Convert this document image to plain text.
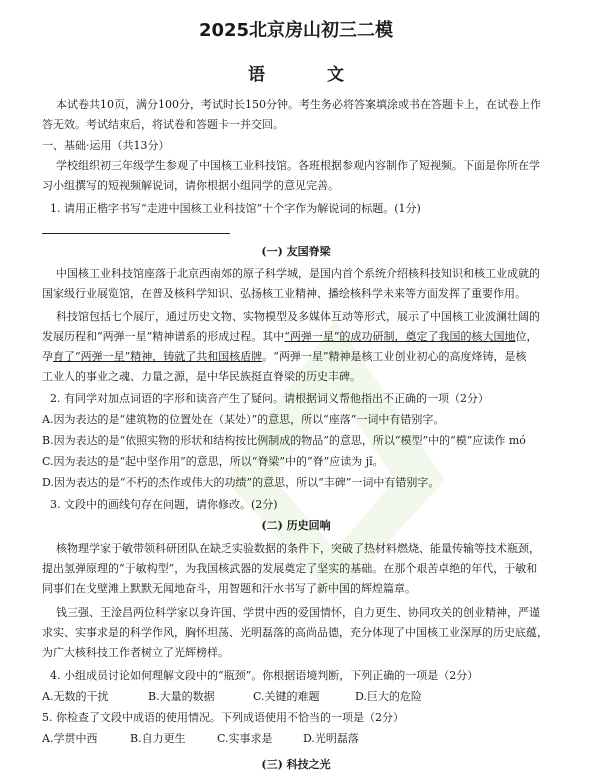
2025北京房山初三二模
语 文
本试卷共10页，满分100分，考试时长150分钟。考生务必将答案填涂或书在答题卡上，在试卷上作
答无效。考试结束后，将试卷和答题卡一并交回。
一、基础·运用（共13分）
学校组织初三年级学生参观了中国核工业科技馆。各班根据参观内容制作了短视频。下面是你所在学
习小组撰写的短视频解说词，请你根据小组同学的意见完善。
1. 请用正楷字书写“走进中国核工业科技馆”十个字作为解说词的标题。(1分)
(一) 友国脊梁
中国核工业科技馆座落于北京西南郊的原子科学城，是国内首个系统介绍核科技知识和核工业成就的
国家级行业展览馆，在普及核科学知识、弘扬核工业精神、播绘核科学未来等方面发挥了重要作用。
科技馆包括七个展厅，通过历史文物、实物模型及多媒体互动等形式，展示了中国核工业波澜壮阔的
发展历程和“两弹一星”精神谱系的形成过程。其中“两弹一星”的成功研制，奠定了我国的核大国地位，
孕育了“两弹一星”精神，铸就了共和国核盾牌。“两弹一星”精神是核工业创业初心的高度烽铸，是核
工业人的事业之魂、力量之源，是中华民族挺直脊梁的历史丰碑。
2. 有同学对加点词语的字形和读音产生了疑问。请根据词义帮他指出不正确的一项（2分）
A.因为表达的是“建筑物的位置处在（某处）”的意思，所以“座落”一词中有错别字。
B.因为表达的是“依照实物的形状和结构按比例制成的物品”的意思，所以“模型”中的“模”应读作 mó
C.因为表达的是“起中坚作用”的意思，所以“脊梁”中的“脊”应读为 jǐ。
D.因为表达的是“不朽的杰作或伟大的功绩”的意思，所以“丰碑”一词中有错别字。
3. 文段中的画线句存在问题，请你修改。(2分)
(二) 历史回响
核物理学家于敏带领科研团队在缺乏实验数据的条件下，突破了热材料燃烧、能量传输等技术瓶颈，
提出氢弹原理的“于敏构型”，为我国核武器的发展奠定了坚实的基础。在那个艰苦卓绝的年代，于敏和
同事们在戈壁滩上默默无闻地奋斗，用智题和汗水书写了新中国的辉煌篇章。
钱三强、王淦昌两位科学家以身许国、学贯中西的爱国情怀，自力更生、协同攻关的创业精神，严谨
求实、实事求是的科学作风，胸怀坦荡、光明磊落的高尚品德，充分体现了中国核工业深厚的历史底蕴，
为广大核科技工作者树立了光辉榜样。
4. 小组成员讨论如何理解文段中的“瓶颈”。你根据语境判断，下列正确的一项是（2分）
A.无数的干扰	B.大量的数据	C.关键的难题	D.巨大的危险
5. 你检查了文段中成语的使用情况。下列成语使用不恰当的一项是（2分）
A.学贯中西	B.自力更生	C.实事求是	D.光明磊落
(三) 科技之光
